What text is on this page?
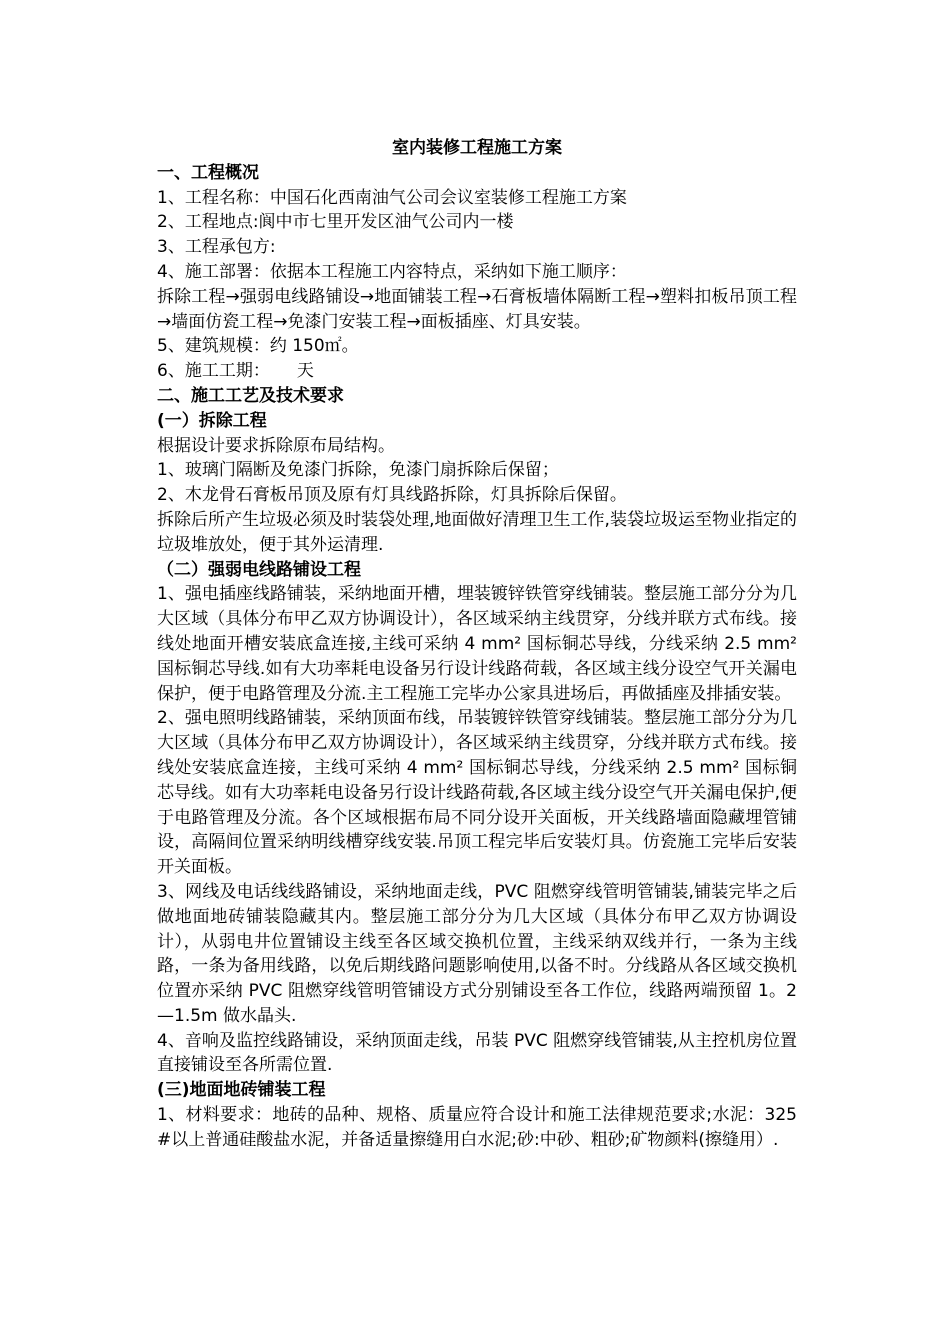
室内装修工程施工方案

一、工程概况

1、工程名称：中国石化西南油气公司会议室装修工程施工方案

2、工程地点:阆中市七里开发区油气公司内一楼

3、工程承包方:

4、施工部署：依据本工程施工内容特点，采纳如下施工顺序：

拆除工程→强弱电线路铺设→地面铺装工程→石膏板墙体隔断工程→塑料扣板吊顶工程→墙面仿瓷工程→免漆门安装工程→面板插座、灯具安装。

5、建筑规模：约 150㎡。

6、施工工期：     天

二、施工工艺及技术要求

(一）拆除工程

根据设计要求拆除原布局结构。

1、玻璃门隔断及免漆门拆除，免漆门扇拆除后保留；

2、木龙骨石膏板吊顶及原有灯具线路拆除，灯具拆除后保留。

拆除后所产生垃圾必须及时装袋处理,地面做好清理卫生工作,装袋垃圾运至物业指定的垃圾堆放处，便于其外运清理.

（二）强弱电线路铺设工程

1、强电插座线路铺装，采纳地面开槽，埋装镀锌铁管穿线铺装。整层施工部分分为几大区域（具体分布甲乙双方协调设计），各区域采纳主线贯穿，分线并联方式布线。接线处地面开槽安装底盒连接,主线可采纳 4 mm² 国标铜芯导线，分线采纳 2.5 mm² 国标铜芯导线.如有大功率耗电设备另行设计线路荷载，各区域主线分设空气开关漏电保护，便于电路管理及分流.主工程施工完毕办公家具进场后，再做插座及排插安装。

2、强电照明线路铺装，采纳顶面布线，吊装镀锌铁管穿线铺装。整层施工部分分为几大区域（具体分布甲乙双方协调设计），各区域采纳主线贯穿，分线并联方式布线。接线处安装底盒连接，主线可采纳 4 mm² 国标铜芯导线，分线采纳 2.5 mm² 国标铜芯导线。如有大功率耗电设备另行设计线路荷载,各区域主线分设空气开关漏电保护,便于电路管理及分流。各个区域根据布局不同分设开关面板，开关线路墙面隐藏埋管铺设，高隔间位置采纳明线槽穿线安装.吊顶工程完毕后安装灯具。仿瓷施工完毕后安装开关面板。

3、网线及电话线线路铺设，采纳地面走线，PVC 阻燃穿线管明管铺装,铺装完毕之后做地面地砖铺装隐藏其内。整层施工部分分为几大区域（具体分布甲乙双方协调设计），从弱电井位置铺设主线至各区域交换机位置，主线采纳双线并行，一条为主线路，一条为备用线路，以免后期线路问题影响使用,以备不时。分线路从各区域交换机位置亦采纳 PVC 阻燃穿线管明管铺设方式分别铺设至各工作位，线路两端预留 1。2—1.5m 做水晶头.

4、音响及监控线路铺设，采纳顶面走线，吊装 PVC 阻燃穿线管铺装,从主控机房位置直接铺设至各所需位置.

(三)地面地砖铺装工程

1、材料要求：地砖的品种、规格、质量应符合设计和施工法律规范要求;水泥：325#以上普通硅酸盐水泥，并备适量擦缝用白水泥;砂:中砂、粗砂;矿物颜料(擦缝用）.
